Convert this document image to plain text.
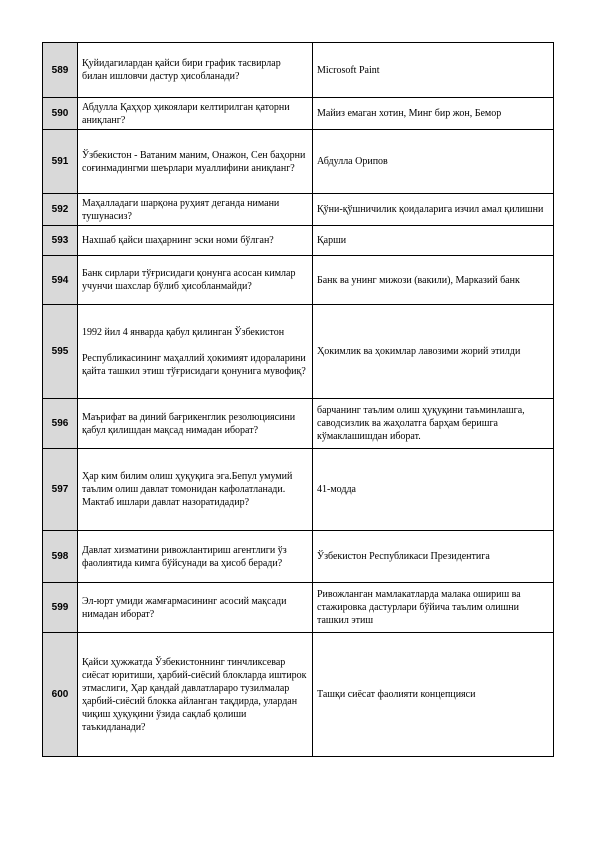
589	Қуйидагилардан қайси бири график тасвирлар билан ишловчи дастур ҳисобланади?	Microsoft Paint
590	Абдулла Қаҳҳор ҳикоялари келтирилган қаторни аниқланг?	Майиз емаган хотин, Минг бир жон, Бемор
591	Ўзбекистон - Ватаним маним, Онажон, Сен баҳорни соғинмадингми шеърлари муаллифини аниқланг?	Абдулла Орипов
592	Маҳалладаги шарқона руҳият деганда нимани тушунасиз?	Қўни-қўшничилик қоидаларига изчил амал қилишни
593	Нахшаб қайси шаҳарнинг эски номи бўлган?	Қарши
594	Банк сирлари тўғрисидаги қонунга асосан кимлар учунчи шахслар бўлиб ҳисобланмайди?	Банк ва унинг мижози (вакили), Марказий банк
595	1992 йил 4 январда қабул қилинган Ўзбекистон

Республикасининг маҳаллий ҳокимият идораларини қайта ташкил этиш тўғрисидаги қонунига мувофиқ?	Ҳокимлик ва ҳокимлар лавозими жорий этилди
596	Маърифат ва диний бағрикенглик резолюциясини қабул қилишдан мақсад нимадан иборат?	барчанинг таълим олиш ҳуқуқини таъминлашга, саводсизлик ва жаҳолатга барҳам беришга кўмаклашишдан иборат.
597	Ҳар ким билим олиш ҳуқуқига эга.Бепул умумий таълим олиш давлат томонидан кафолатланади. Мактаб ишлари давлат назоратидадир?	41-модда
598	Давлат хизматини ривожлантириш агентлиги ўз фаолиятида кимга бўйсунади ва ҳисоб беради?	Ўзбекистон Республикаси Президентига
599	Эл-юрт умиди жамғармасининг асосий мақсади нимадан иборат?	Ривожланган мамлакатларда малака ошириш ва стажировка дастурлари бўйича таълим олишни ташкил этиш
600	Қайси ҳужжатда Ўзбекистоннинг тинчликсевар сиёсат юритиши, ҳарбий-сиёсий блокларда иштирок этмаслиги, Ҳар қандай давлатлараро тузилмалар ҳарбий-сиёсий блокка айланган тақдирда, улардан чиқиш ҳуқуқини ўзида сақлаб қолиши таъкидланади?	Ташқи сиёсат фаолияти концепцияси
